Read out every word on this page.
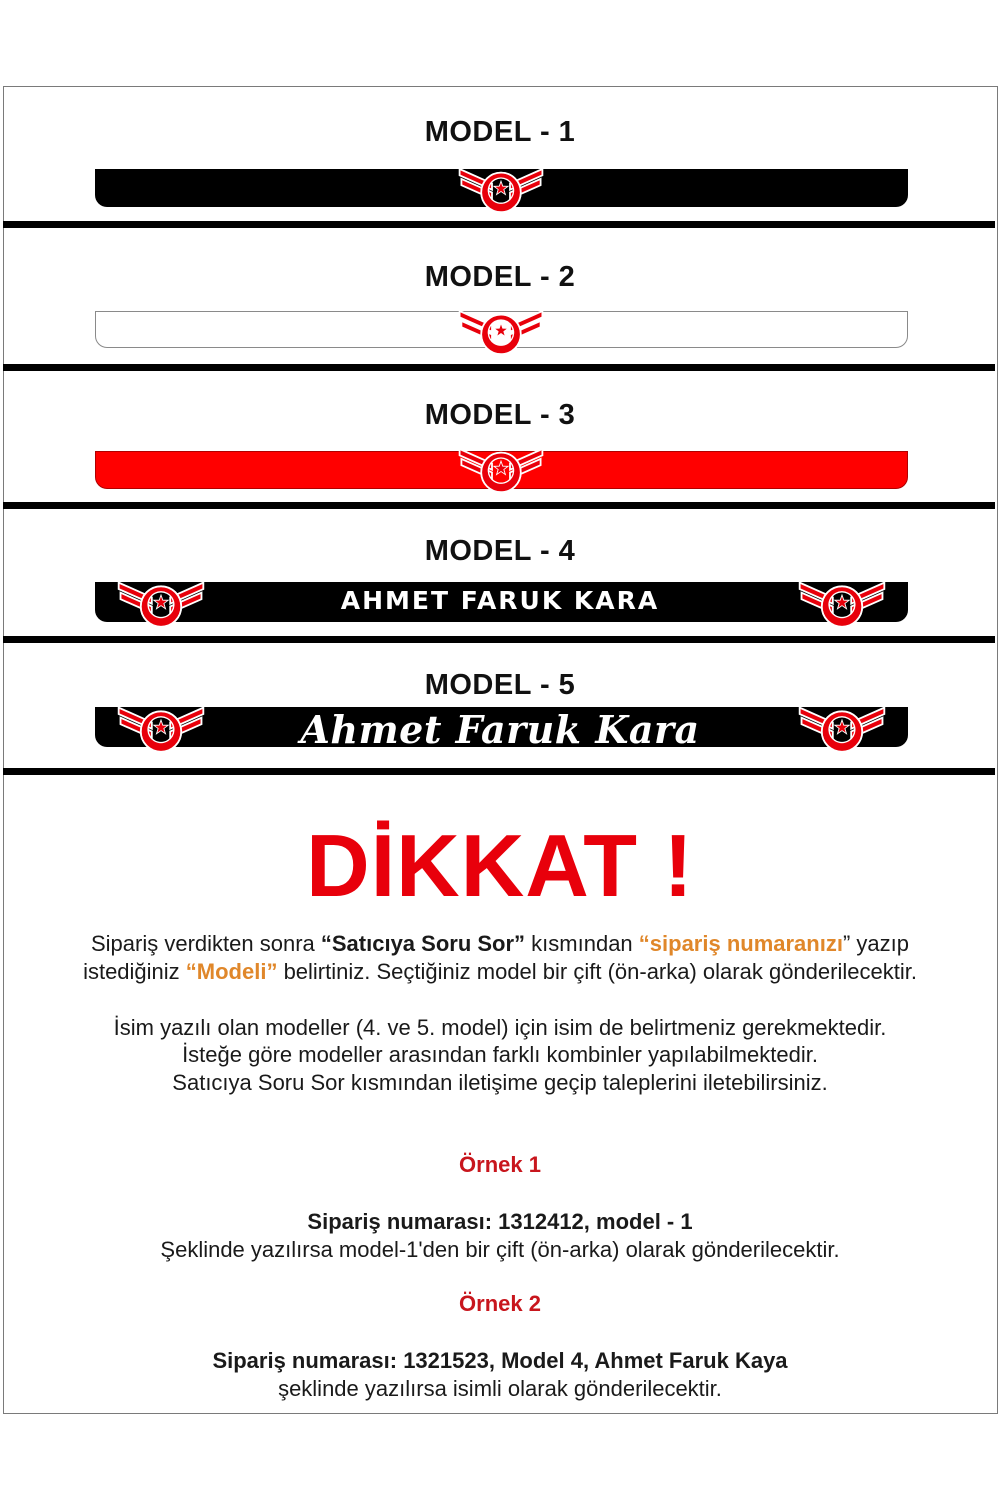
MODEL - 1
MODEL - 2
MODEL - 3
MODEL - 4
AHMET FARUK KARA
MODEL - 5
Ahmet Faruk Kara
DİKKAT !
Sipariş verdikten sonra “Satıcıya Soru Sor” kısmından “sipariş numaranızı” yazıp
istediğiniz “Modeli” belirtiniz. Seçtiğiniz model bir çift (ön-arka) olarak gönderilecektir.
İsim yazılı olan modeller (4. ve 5. model) için isim de belirtmeniz gerekmektedir.
İsteğe göre modeller arasından farklı kombinler yapılabilmektedir.
Satıcıya Soru Sor kısmından iletişime geçip taleplerini iletebilirsiniz.
Örnek 1
Sipariş numarası: 1312412, model - 1
Şeklinde yazılırsa model-1'den bir çift (ön-arka) olarak gönderilecektir.
Örnek 2
Sipariş numarası: 1321523, Model 4, Ahmet Faruk Kaya
şeklinde yazılırsa isimli olarak gönderilecektir.
